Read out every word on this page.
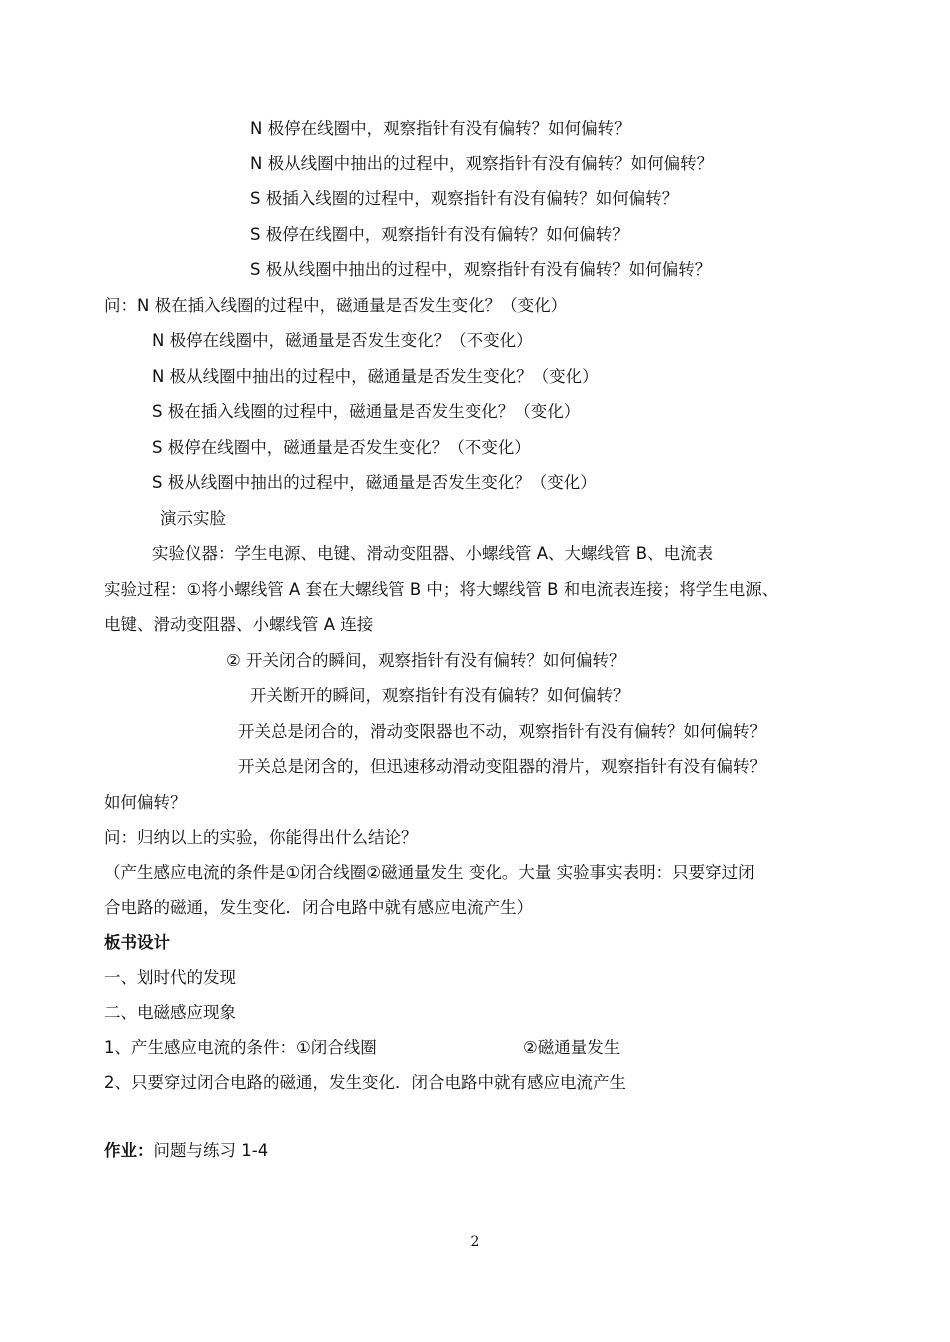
N 极停在线圈中，观察指针有没有偏转？如何偏转？
N 极从线圈中抽出的过程中，观察指针有没有偏转？如何偏转？
S 极插入线圈的过程中，观察指针有没有偏转？如何偏转？
S 极停在线圈中，观察指针有没有偏转？如何偏转？
S 极从线圈中抽出的过程中，观察指针有没有偏转？如何偏转？
问：N 极在插入线圈的过程中，磁通量是否发生变化？（变化）
N 极停在线圈中，磁通量是否发生变化？（不变化）
N 极从线圈中抽出的过程中，磁通量是否发生变化？（变化）
S 极在插入线圈的过程中，磁通量是否发生变化？（变化）
S 极停在线圈中，磁通量是否发生变化？（不变化）
S 极从线圈中抽出的过程中，磁通量是否发生变化？（变化）
演示实脸
实验仪器：学生电源、电键、滑动变阻器、小螺线管 A、大螺线管 B、电流表
实验过程：①将小螺线管 A 套在大螺线管 B 中；将大螺线管 B 和电流表连接；将学生电源、
电键、滑动变阻器、小螺线管 A 连接
② 开关闭合的瞬间，观察指针有没有偏转？如何偏转？
开关断开的瞬间，观察指针有没有偏转？如何偏转？
开关总是闭合的，滑动变限器也不动，观察指针有没有偏转？如何偏转？
开关总是闭含的，但迅速移动滑动变阻器的滑片，观察指针有没有偏转？
如何偏转？
问：归纳以上的实验，你能得出什么结论？
（产生感应电流的条件是①闭合线圈②磁通量发生 变化。大量 实验事实表明：只要穿过闭
合电路的磁通，发生变化．闭合电路中就有感应电流产生）
板书设计
一、划时代的发现
二、电磁感应现象
1、产生感应电流的条件：①闭合线圈	②磁通量发生
2、只要穿过闭合电路的磁通，发生变化．闭合电路中就有感应电流产生
作业：问题与练习 1-4
2
